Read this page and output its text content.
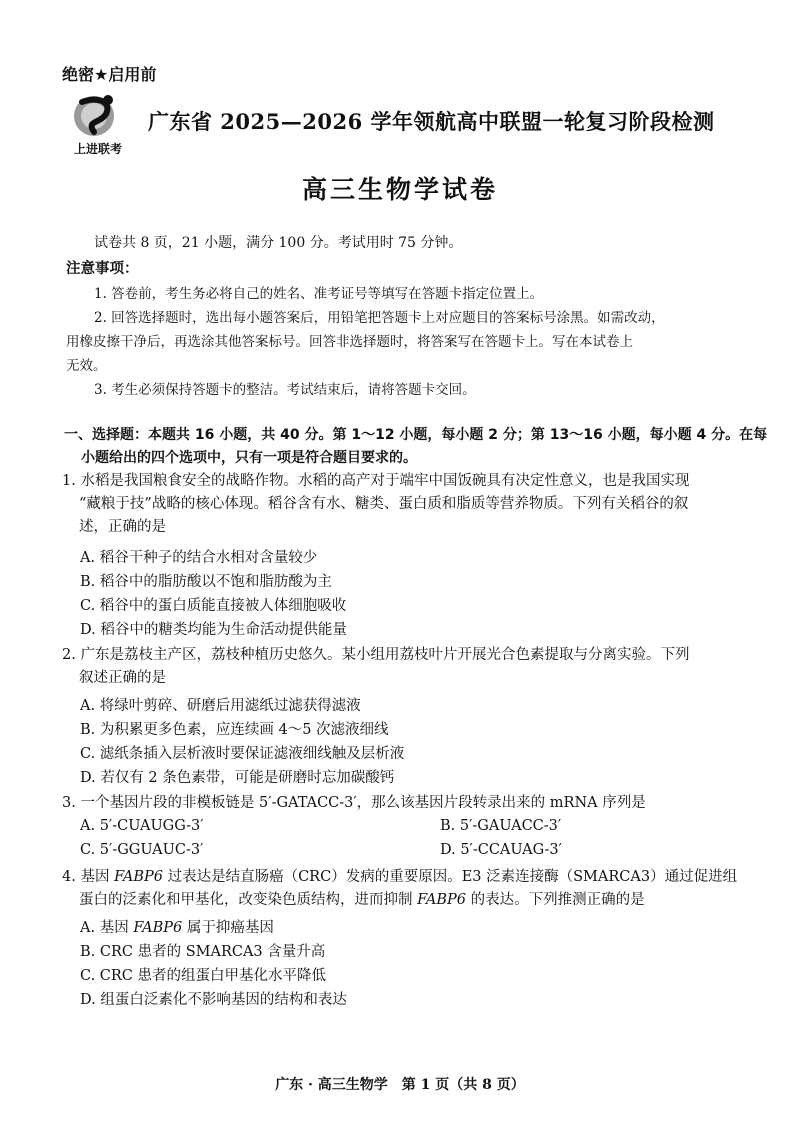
绝密★启用前
上进联考
广东省 2025—2026 学年领航高中联盟一轮复习阶段检测
高三生物学试卷
试卷共 8 页，21 小题，满分 100 分。考试用时 75 分钟。
注意事项：
1. 答卷前，考生务必将自己的姓名、准考证号等填写在答题卡指定位置上。
2. 回答选择题时，选出每小题答案后，用铅笔把答题卡上对应题目的答案标号涂黑。如需改动，
用橡皮擦干净后，再选涂其他答案标号。回答非选择题时，将答案写在答题卡上。写在本试卷上
无效。
3. 考生必须保持答题卡的整洁。考试结束后，请将答题卡交回。
一、选择题：本题共 16 小题，共 40 分。第 1～12 小题，每小题 2 分；第 13～16 小题，每小题 4 分。在每
小题给出的四个选项中，只有一项是符合题目要求的。
1. 水稻是我国粮食安全的战略作物。水稻的高产对于端牢中国饭碗具有决定性意义，也是我国实现
“藏粮于技”战略的核心体现。稻谷含有水、糖类、蛋白质和脂质等营养物质。下列有关稻谷的叙
述，正确的是
A. 稻谷干种子的结合水相对含量较少
B. 稻谷中的脂肪酸以不饱和脂肪酸为主
C. 稻谷中的蛋白质能直接被人体细胞吸收
D. 稻谷中的糖类均能为生命活动提供能量
2. 广东是荔枝主产区，荔枝种植历史悠久。某小组用荔枝叶片开展光合色素提取与分离实验。下列
叙述正确的是
A. 将绿叶剪碎、研磨后用滤纸过滤获得滤液
B. 为积累更多色素，应连续画 4～5 次滤液细线
C. 滤纸条插入层析液时要保证滤液细线触及层析液
D. 若仅有 2 条色素带，可能是研磨时忘加碳酸钙
3. 一个基因片段的非模板链是 5′-GATACC-3′，那么该基因片段转录出来的 mRNA 序列是
A. 5′-CUAUGG-3′	B. 5′-GAUACC-3′
C. 5′-GGUAUC-3′	D. 5′-CCAUAG-3′
4. 基因 FABP6 过表达是结直肠癌（CRC）发病的重要原因。E3 泛素连接酶（SMARCA3）通过促进组
蛋白的泛素化和甲基化，改变染色质结构，进而抑制 FABP6 的表达。下列推测正确的是
A. 基因 FABP6 属于抑癌基因
B. CRC 患者的 SMARCA3 含量升高
C. CRC 患者的组蛋白甲基化水平降低
D. 组蛋白泛素化不影响基因的结构和表达
广东 · 高三生物学　第 1 页（共 8 页）
